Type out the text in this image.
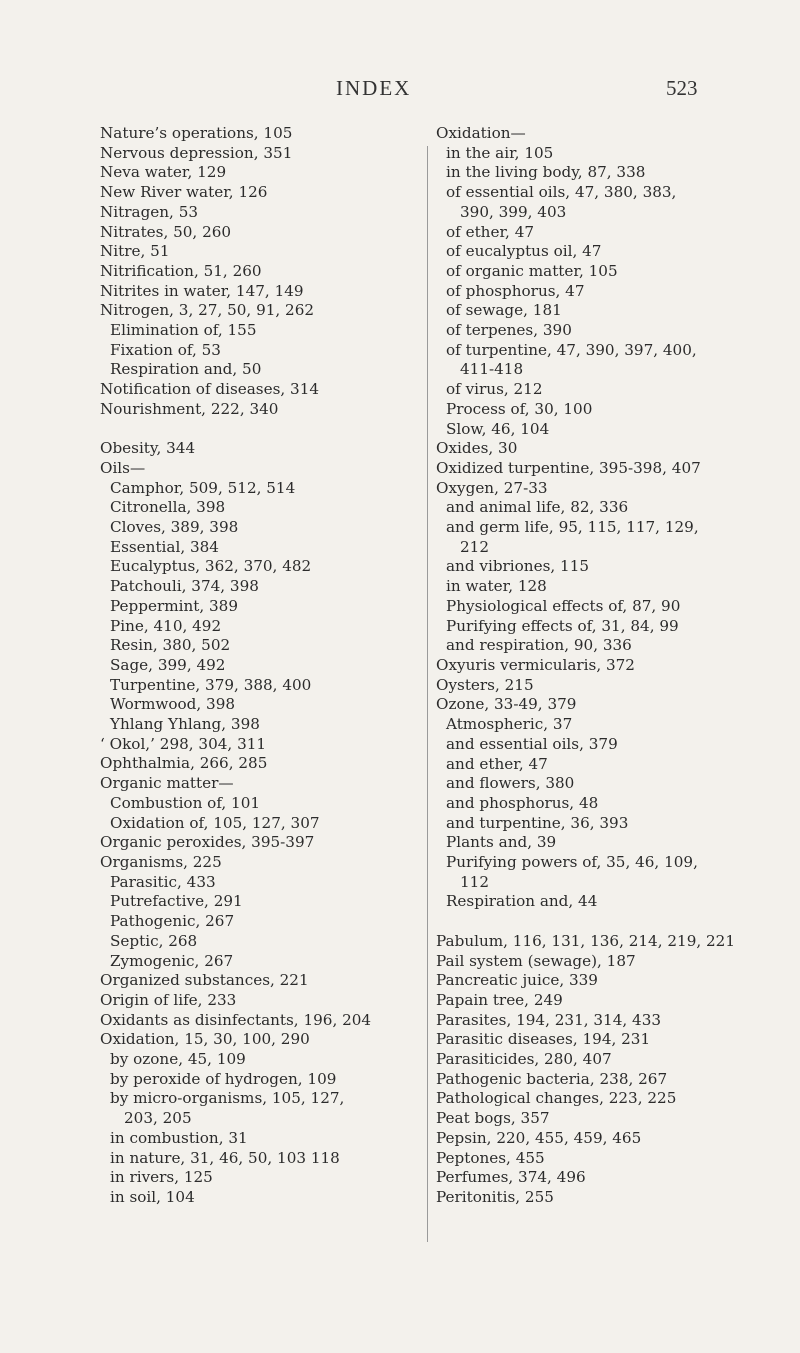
INDEX	523
Nature’s operations, 105
Nervous depression, 351
Neva water, 129
New River water, 126
Nitragen, 53
Nitrates, 50, 260
Nitre, 51
Nitrification, 51, 260
Nitrites in water, 147, 149
Nitrogen, 3, 27, 50, 91, 262
Elimination of, 155
Fixation of, 53
Respiration and, 50
Notification of diseases, 314
Nourishment, 222, 340
Obesity, 344
Oils—
Camphor, 509, 512, 514
Citronella, 398
Cloves, 389, 398
Essential, 384
Eucalyptus, 362, 370, 482
Patchouli, 374, 398
Peppermint, 389
Pine, 410, 492
Resin, 380, 502
Sage, 399, 492
Turpentine, 379, 388, 400
Wormwood, 398
Yhlang Yhlang, 398
‘ Okol,’ 298, 304, 311
Ophthalmia, 266, 285
Organic matter—
Combustion of, 101
Oxidation of, 105, 127, 307
Organic peroxides, 395-397
Organisms, 225
Parasitic, 433
Putrefactive, 291
Pathogenic, 267
Septic, 268
Zymogenic, 267
Organized substances, 221
Origin of life, 233
Oxidants as disinfectants, 196, 204
Oxidation, 15, 30, 100, 290
by ozone, 45, 109
by peroxide of hydrogen, 109
by micro-organisms, 105, 127,
203, 205
in combustion, 31
in nature, 31, 46, 50, 103 118
in rivers, 125
in soil, 104
Oxidation—
in the air, 105
in the living body, 87, 338
of essential oils, 47, 380, 383,
390, 399, 403
of ether, 47
of eucalyptus oil, 47
of organic matter, 105
of phosphorus, 47
of sewage, 181
of terpenes, 390
of turpentine, 47, 390, 397, 400,
411-418
of virus, 212
Process of, 30, 100
Slow, 46, 104
Oxides, 30
Oxidized turpentine, 395-398, 407
Oxygen, 27-33
and animal life, 82, 336
and germ life, 95, 115, 117, 129,
212
and vibriones, 115
in water, 128
Physiological effects of, 87, 90
Purifying effects of, 31, 84, 99
and respiration, 90, 336
Oxyuris vermicularis, 372
Oysters, 215
Ozone, 33-49, 379
Atmospheric, 37
and essential oils, 379
and ether, 47
and flowers, 380
and phosphorus, 48
and turpentine, 36, 393
Plants and, 39
Purifying powers of, 35, 46, 109,
112
Respiration and, 44
Pabulum, 116, 131, 136, 214, 219, 221
Pail system (sewage), 187
Pancreatic juice, 339
Papain tree, 249
Parasites, 194, 231, 314, 433
Parasitic diseases, 194, 231
Parasiticides, 280, 407
Pathogenic bacteria, 238, 267
Pathological changes, 223, 225
Peat bogs, 357
Pepsin, 220, 455, 459, 465
Peptones, 455
Perfumes, 374, 496
Peritonitis, 255
